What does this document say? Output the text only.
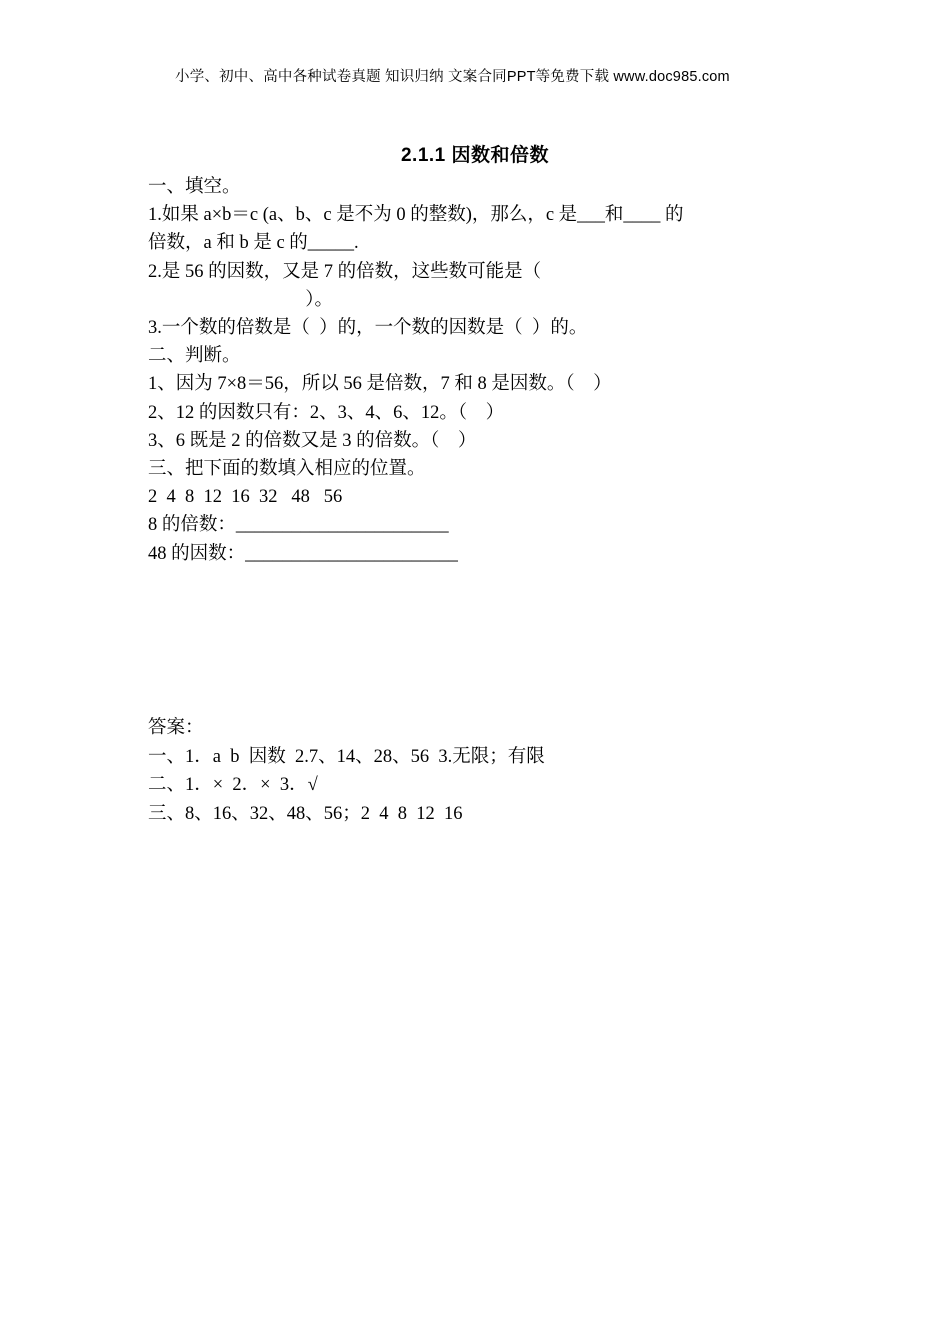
小学、初中、高中各种试卷真题 知识归纳 文案合同PPT等免费下载 www.doc985.com
2.1.1 因数和倍数
一、填空。
1.如果 a×b＝c (a、b、c 是不为 0 的整数)，那么，c 是___和____ 的
倍数，a 和 b 是 c 的_____.
2.是 56 的因数，又是 7 的倍数，这些数可能是（
）。
3.一个数的倍数是（  ）的，一个数的因数是（  ）的。
二、判断。
1、因为 7×8＝56，所以 56 是倍数，7 和 8 是因数。（    ）
2、12 的因数只有：2、3、4、6、12。（    ）
3、6 既是 2 的倍数又是 3 的倍数。（    ）
三、把下面的数填入相应的位置。
2  4  8  12  16  32   48   56
8 的倍数：_______________________
48 的因数：_______________________
答案：
一、1．a  b  因数  2.7、14、28、56  3.无限；有限
二、1．×  2．×  3．√
三、8、16、32、48、56；2  4  8  12  16
